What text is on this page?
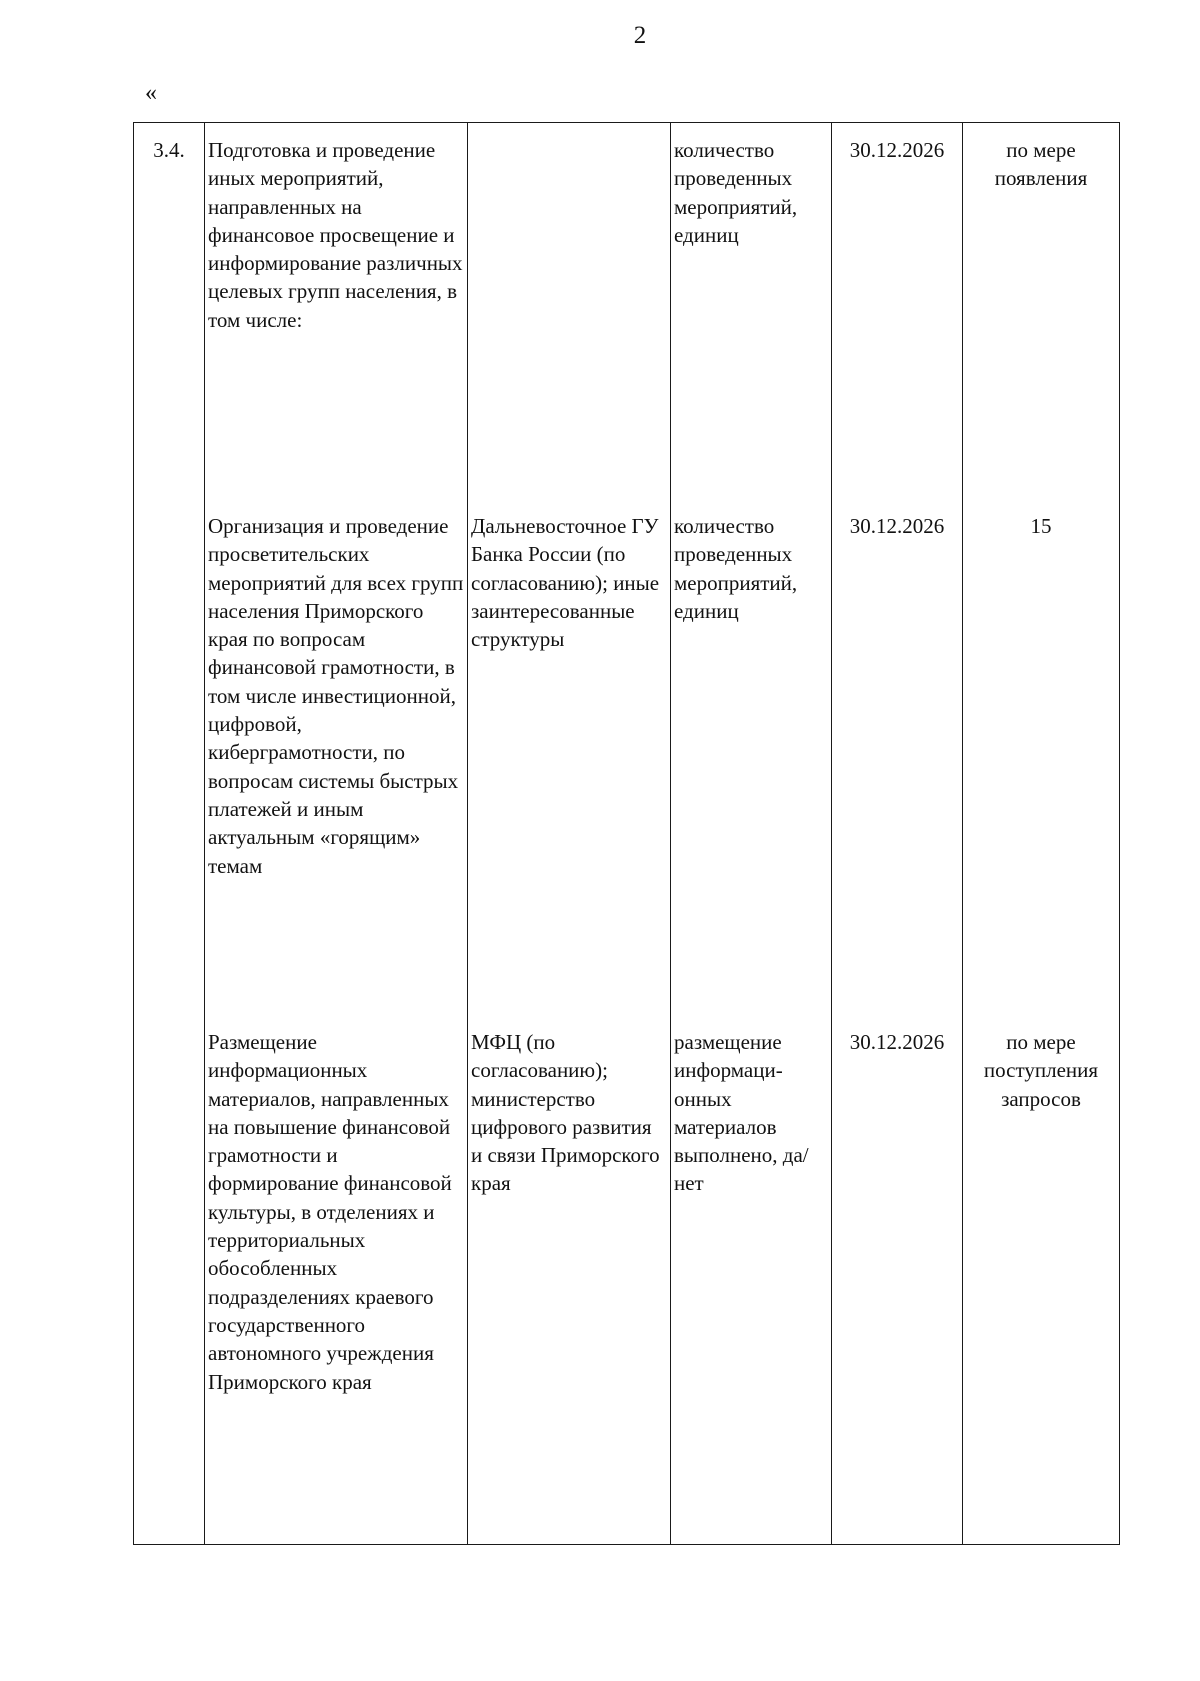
2
«
3.4.	Подготовка и проведение иных мероприятий, направленных на финансовое просвещение и информирование различных целевых групп населения, в том числе:		количество проведенных мероприятий, единиц	30.12.2026	по мере появления
	Организация и проведение просветительских мероприятий для всех групп населения Приморского края по вопросам финансовой грамотности, в том числе инвестиционной, цифровой, кибергрaмотности, по вопросам системы быстрых платежей и иным актуальным «горящим» темам	Дальневосточное ГУ Банка России (по согласованию); иные заинтересованные структуры	количество проведенных мероприятий, единиц	30.12.2026	15
	Размещение информационных материалов, направленных на повышение финансовой грамотности и формирование финансовой культуры, в отделениях и территориальных обособленных подразделениях краевого государственного автономного учреждения Приморского края	МФЦ (по согласованию); министерство цифрового развития и связи Приморского края	размещение информаци-онных материалов выполнено, да/нет	30.12.2026	по мере поступления запросов
